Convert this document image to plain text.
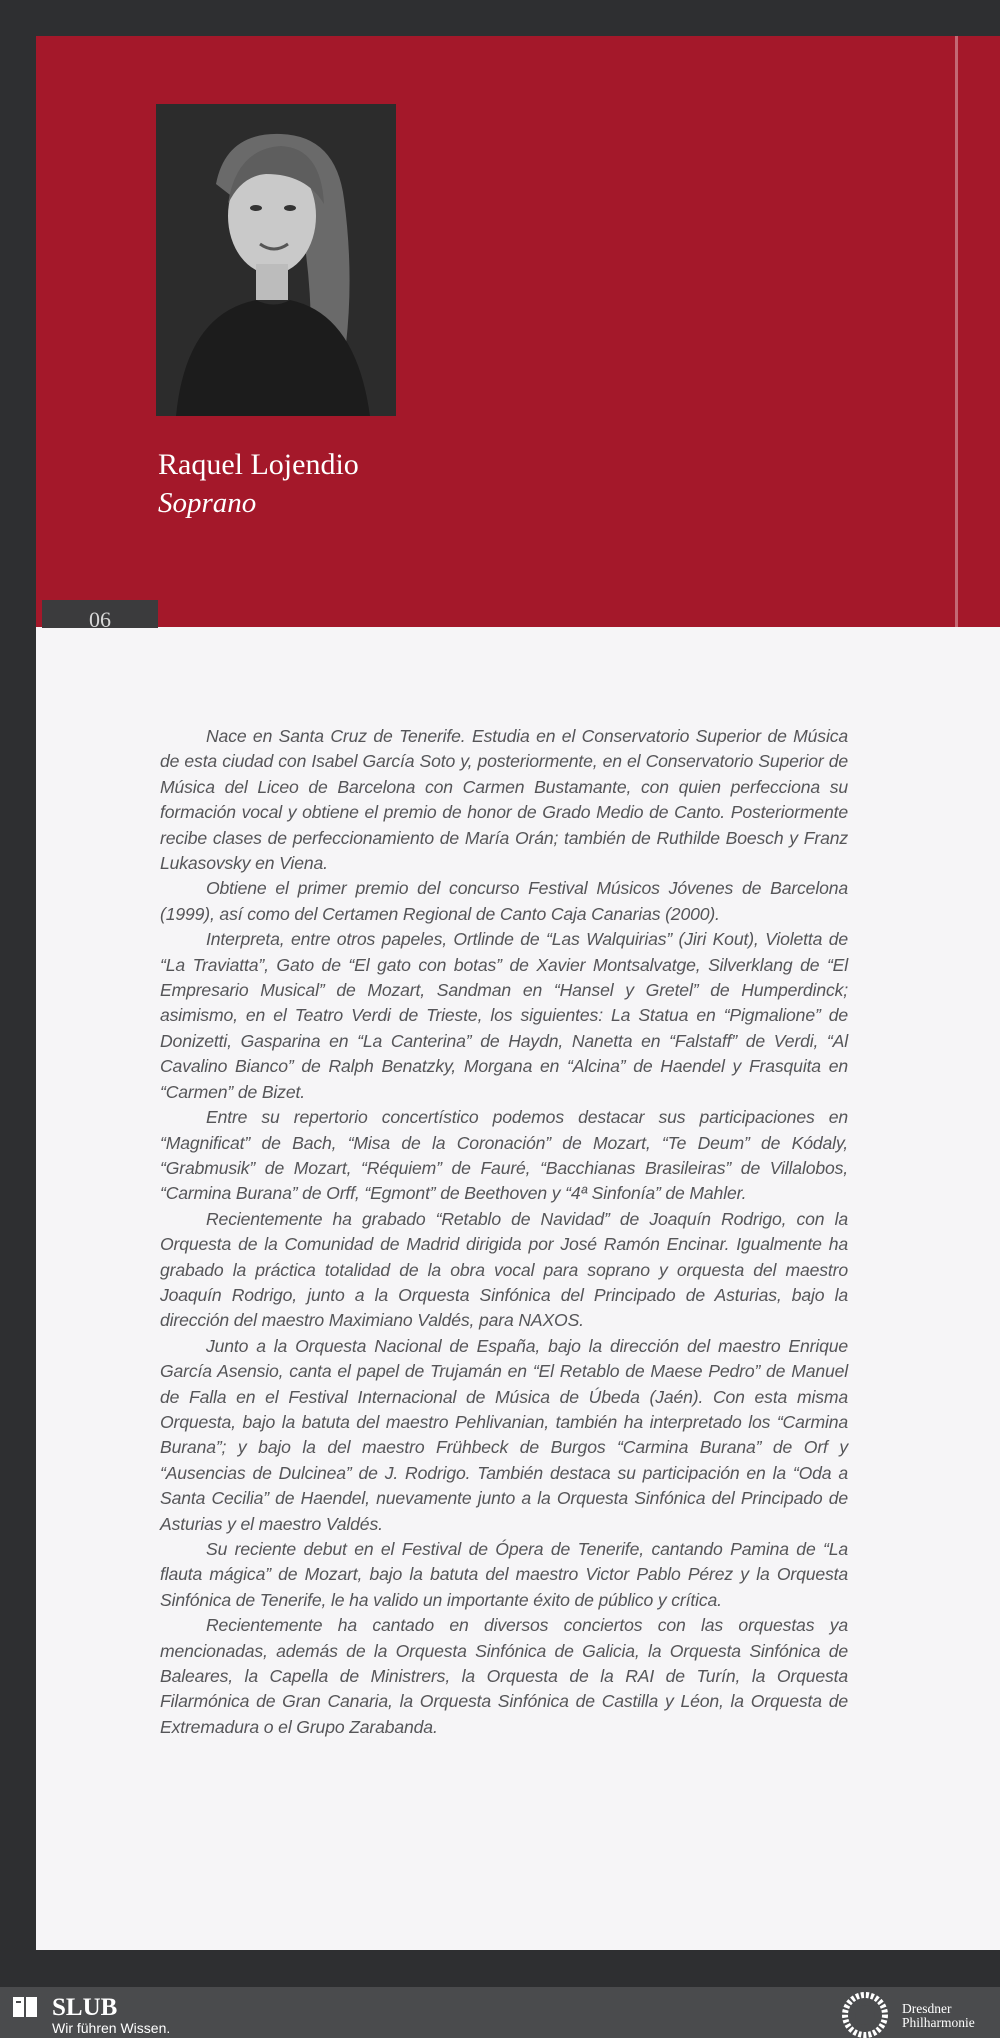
Raquel Lojendio
Soprano
06

Nace en Santa Cruz de Tenerife. Estudia en el Conservatorio Superior de Música de esta ciudad con Isabel García Soto y, posteriormente, en el Conservatorio Superior de Música del Liceo de Barcelona con Carmen Bustamante, con quien perfecciona su formación vocal y obtiene el premio de honor de Grado Medio de Canto. Posteriormente recibe clases de perfeccionamiento de María Orán; también de Ruthilde Boesch y Franz Lukasovsky en Viena.

Obtiene el primer premio del concurso Festival Músicos Jóvenes de Barcelona (1999), así como del Certamen Regional de Canto Caja Canarias (2000).

Interpreta, entre otros papeles, Ortlinde de “Las Walquirias” (Jiri Kout), Violetta de “La Traviatta”, Gato de “El gato con botas” de Xavier Montsalvatge, Silverklang de “El Empresario Musical” de Mozart, Sandman en “Hansel y Gretel” de Humperdinck; asimismo, en el Teatro Verdi de Trieste, los siguientes: La Statua en “Pigmalione” de Donizetti, Gasparina en “La Canterina” de Haydn, Nanetta en “Falstaff” de Verdi, “Al Cavalino Bianco” de Ralph Benatzky, Morgana en “Alcina” de Haendel y Frasquita en “Carmen” de Bizet.

Entre su repertorio concertístico podemos destacar sus participaciones en “Magnificat” de Bach, “Misa de la Coronación” de Mozart, “Te Deum” de Kódaly, “Grabmusik” de Mozart, “Réquiem” de Fauré, “Bacchianas Brasileiras” de Villalobos, “Carmina Burana” de Orff, “Egmont” de Beethoven y “4ª Sinfonía” de Mahler.

Recientemente ha grabado “Retablo de Navidad” de Joaquín Rodrigo, con la Orquesta de la Comunidad de Madrid dirigida por José Ramón Encinar. Igualmente ha grabado la práctica totalidad de la obra vocal para soprano y orquesta del maestro Joaquín Rodrigo, junto a la Orquesta Sinfónica del Principado de Asturias, bajo la dirección del maestro Maximiano Valdés, para NAXOS.

Junto a la Orquesta Nacional de España, bajo la dirección del maestro Enrique García Asensio, canta el papel de Trujamán en “El Retablo de Maese Pedro” de Manuel de Falla en el Festival Internacional de Música de Úbeda (Jaén). Con esta misma Orquesta, bajo la batuta del maestro Pehlivanian, también ha interpretado los “Carmina Burana”; y bajo la del maestro Frühbeck de Burgos “Carmina Burana” de Orf y “Ausencias de Dulcinea” de J. Rodrigo. También destaca su participación en la “Oda a Santa Cecilia” de Haendel, nuevamente junto a la Orquesta Sinfónica del Principado de Asturias y el maestro Valdés.

Su reciente debut en el Festival de Ópera de Tenerife, cantando Pamina de “La flauta mágica” de Mozart, bajo la batuta del maestro Victor Pablo Pérez y la Orquesta Sinfónica de Tenerife, le ha valido un importante éxito de público y crítica.

Recientemente ha cantado en diversos conciertos con las orquestas ya mencionadas, además de la Orquesta Sinfónica de Galicia, la Orquesta Sinfónica de Baleares, la Capella de Ministrers, la Orquesta de la RAI de Turín, la Orquesta Filarmónica de Gran Canaria, la Orquesta Sinfónica de Castilla y Léon, la Orquesta de Extremadura o el Grupo Zarabanda.

SLUB
Wir führen Wissen.
Dresdner
Philharmonie
